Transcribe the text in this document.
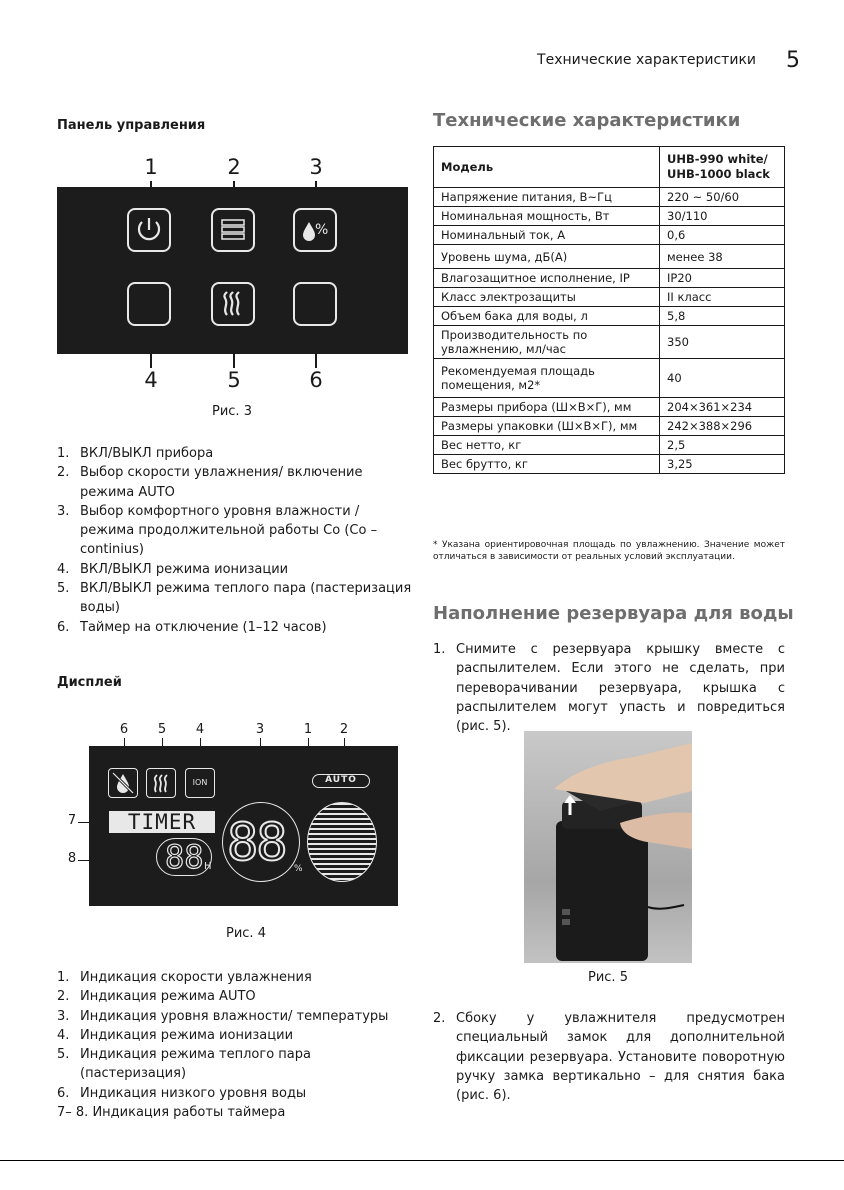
Технические характеристики 5
Панель управления
1	2	3
%
4	5	6
Рис. 3
1. ВКЛ/ВЫКЛ прибора
2. Выбор скорости увлажнения/ включение режима AUTO
3. Выбор комфортного уровня влажности / режима продолжительной работы Co (Co – continius)
4. ВКЛ/ВЫКЛ режима ионизации
5. ВКЛ/ВЫКЛ режима теплого пара (пастеризация воды)
6. Таймер на отключение (1–12 часов)
Дисплей
6	5	4	3	1	2
7
8
ION	AUTO
TIMER
88 H 88 %
Рис. 4
1. Индикация скорости увлажнения
2. Индикация режима AUTO
3. Индикация уровня влажности/ температуры
4. Индикация режима ионизации
5. Индикация режима теплого пара (пастеризация)
6. Индикация низкого уровня воды
7– 8. Индикация работы таймера
Технические характеристики
Модель	UHB-990 white/ UHB-1000 black
Напряжение питания, В~Гц	220 ~ 50/60
Номинальная мощность, Вт	30/110
Номинальный ток, А	0,6
Уровень шума, дБ(А)	менее 38
Влагозащитное исполнение, IP	IP20
Класс электрозащиты	II класс
Объем бака для воды, л	5,8
Производительность по увлажнению, мл/час	350
Рекомендуемая площадь помещения, м2*	40
Размеры прибора (Ш×В×Г), мм	204×361×234
Размеры упаковки (Ш×В×Г), мм	242×388×296
Вес нетто, кг	2,5
Вес брутто, кг	3,25
* Указана ориентировочная площадь по увлажнению. Значение может отличаться в зависимости от реальных условий эксплуатации.
Наполнение резервуара для воды
1. Снимите с резервуара крышку вместе с распылителем. Если этого не сделать, при переворачивании резервуара, крышка с распылителем могут упасть и повредиться (рис. 5).
Рис. 5
2. Сбоку у увлажнителя предусмотрен специальный замок для дополнительной фиксации резервуара. Установите поворотную ручку замка вертикально – для снятия бака (рис. 6).
